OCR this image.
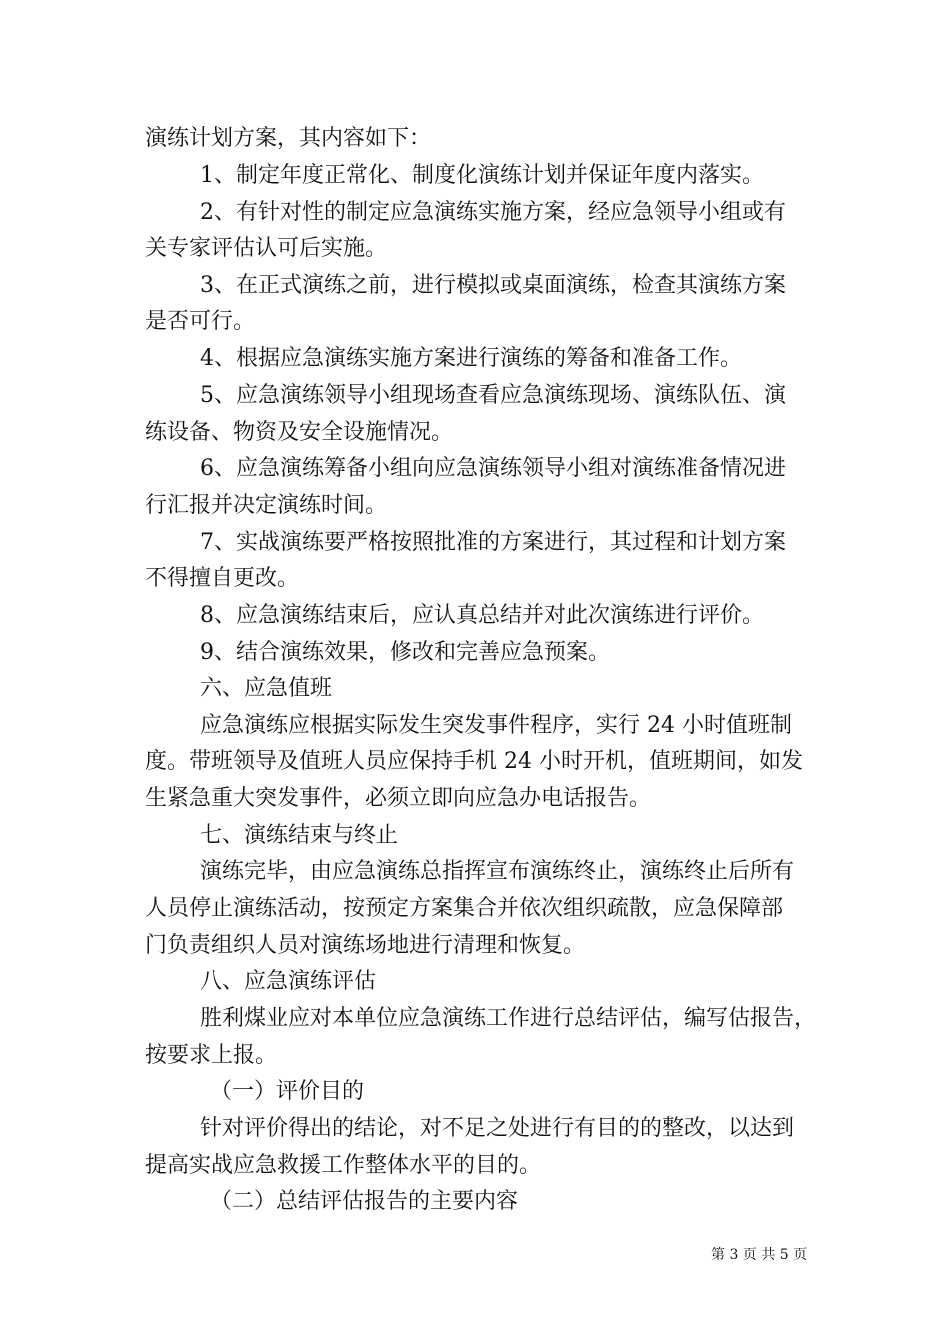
演练计划方案，其内容如下：
1、制定年度正常化、制度化演练计划并保证年度内落实。
2、有针对性的制定应急演练实施方案，经应急领导小组或有
关专家评估认可后实施。
3、在正式演练之前，进行模拟或桌面演练，检查其演练方案
是否可行。
4、根据应急演练实施方案进行演练的筹备和准备工作。
5、应急演练领导小组现场查看应急演练现场、演练队伍、演
练设备、物资及安全设施情况。
6、应急演练筹备小组向应急演练领导小组对演练准备情况进
行汇报并决定演练时间。
7、实战演练要严格按照批准的方案进行，其过程和计划方案
不得擅自更改。
8、应急演练结束后，应认真总结并对此次演练进行评价。
9、结合演练效果，修改和完善应急预案。
六、应急值班
应急演练应根据实际发生突发事件程序，实行 24 小时值班制
度。带班领导及值班人员应保持手机 24 小时开机，值班期间，如发
生紧急重大突发事件，必须立即向应急办电话报告。
七、演练结束与终止
演练完毕，由应急演练总指挥宣布演练终止，演练终止后所有
人员停止演练活动，按预定方案集合并依次组织疏散，应急保障部
门负责组织人员对演练场地进行清理和恢复。
八、应急演练评估
胜利煤业应对本单位应急演练工作进行总结评估，编写估报告，
按要求上报。
（一）评价目的
针对评价得出的结论，对不足之处进行有目的的整改，以达到
提高实战应急救援工作整体水平的目的。
（二）总结评估报告的主要内容
第 3 页 共 5 页
